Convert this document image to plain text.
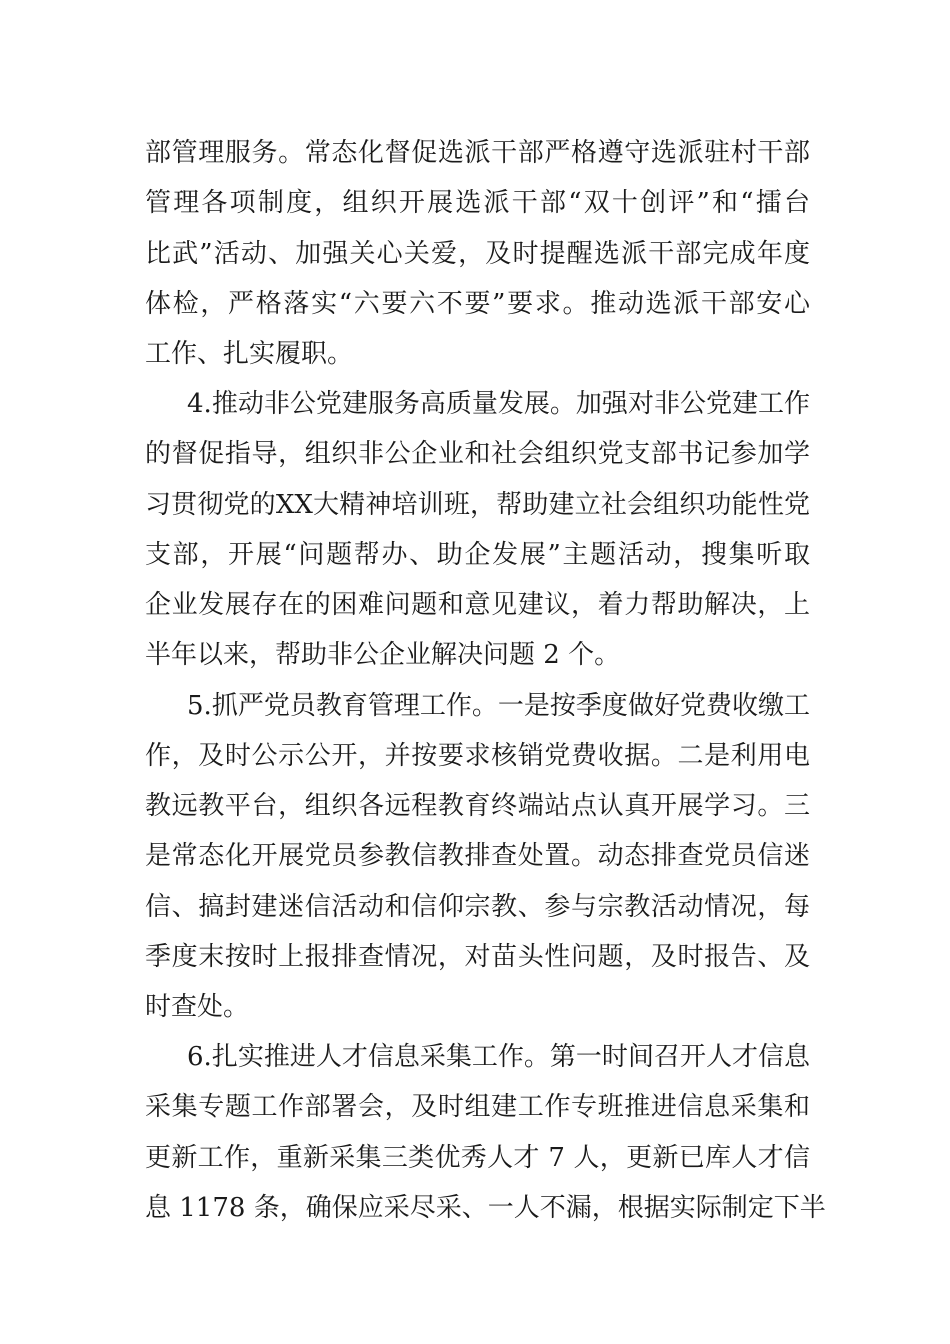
部管理服务。常态化督促选派干部严格遵守选派驻村干部
管理各项制度，组织开展选派干部“双十创评”和“擂台
比武”活动、加强关心关爱，及时提醒选派干部完成年度
体检，严格落实“六要六不要”要求。推动选派干部安心
工作、扎实履职。
4.推动非公党建服务高质量发展。加强对非公党建工作
的督促指导，组织非公企业和社会组织党支部书记参加学
习贯彻党的XX大精神培训班，帮助建立社会组织功能性党
支部，开展“问题帮办、助企发展”主题活动，搜集听取
企业发展存在的困难问题和意见建议，着力帮助解决，上
半年以来，帮助非公企业解决问题 2 个。
5.抓严党员教育管理工作。一是按季度做好党费收缴工
作，及时公示公开，并按要求核销党费收据。二是利用电
教远教平台，组织各远程教育终端站点认真开展学习。三
是常态化开展党员参教信教排查处置。动态排查党员信迷
信、搞封建迷信活动和信仰宗教、参与宗教活动情况，每
季度末按时上报排查情况，对苗头性问题，及时报告、及
时查处。
6.扎实推进人才信息采集工作。第一时间召开人才信息
采集专题工作部署会，及时组建工作专班推进信息采集和
更新工作，重新采集三类优秀人才 7 人，更新已库人才信
息 1178 条，确保应采尽采、一人不漏，根据实际制定下半
